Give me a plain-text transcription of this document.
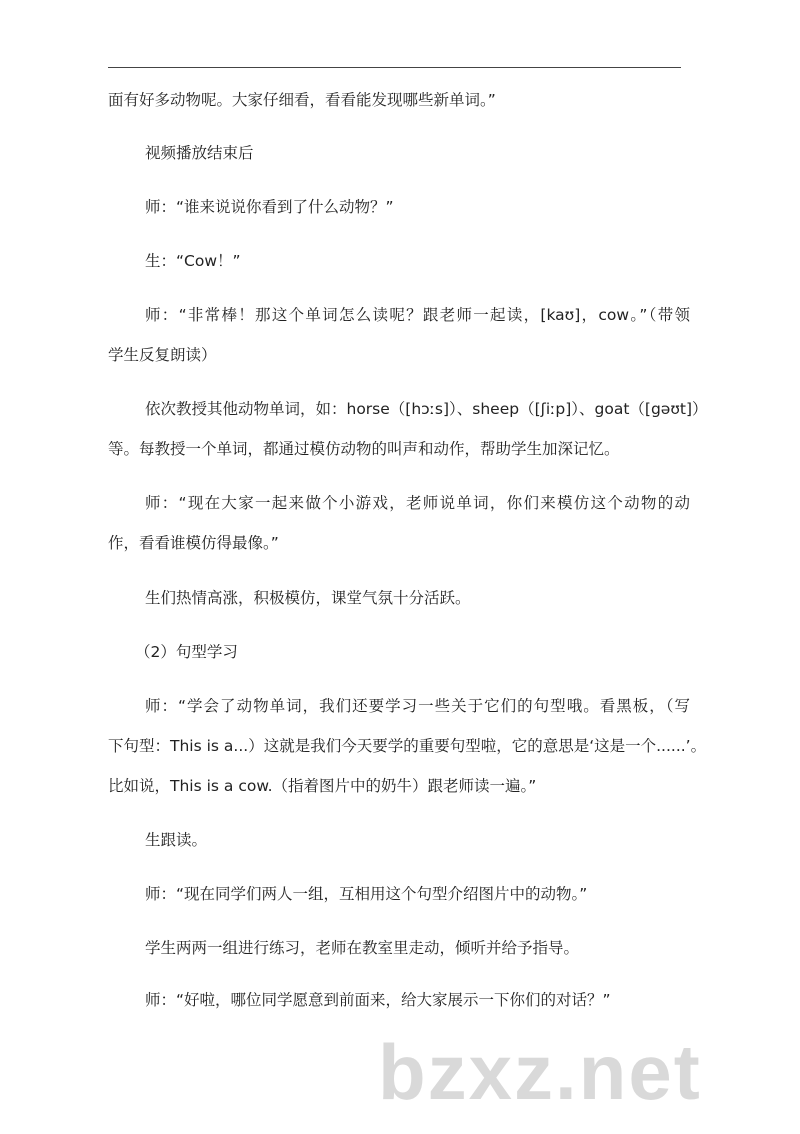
面有好多动物呢。大家仔细看，看看能发现哪些新单词。”
视频播放结束后
师：“谁来说说你看到了什么动物？”
生：“Cow！”
师：“非常棒！那这个单词怎么读呢？跟老师一起读，[kaʊ]，cow。”（带领
学生反复朗读）
依次教授其他动物单词，如：horse（[hɔːs]）、sheep（[ʃiːp]）、goat（[gəʊt]）
等。每教授一个单词，都通过模仿动物的叫声和动作，帮助学生加深记忆。
师：“现在大家一起来做个小游戏，老师说单词，你们来模仿这个动物的动
作，看看谁模仿得最像。”
生们热情高涨，积极模仿，课堂气氛十分活跃。
（2）句型学习
师：“学会了动物单词，我们还要学习一些关于它们的句型哦。看黑板，（写
下句型：This is a...）这就是我们今天要学的重要句型啦，它的意思是‘这是一个......’。
比如说，This is a cow.（指着图片中的奶牛）跟老师读一遍。”
生跟读。
师：“现在同学们两人一组，互相用这个句型介绍图片中的动物。”
学生两两一组进行练习，老师在教室里走动，倾听并给予指导。
师：“好啦，哪位同学愿意到前面来，给大家展示一下你们的对话？”
bzxz.net
